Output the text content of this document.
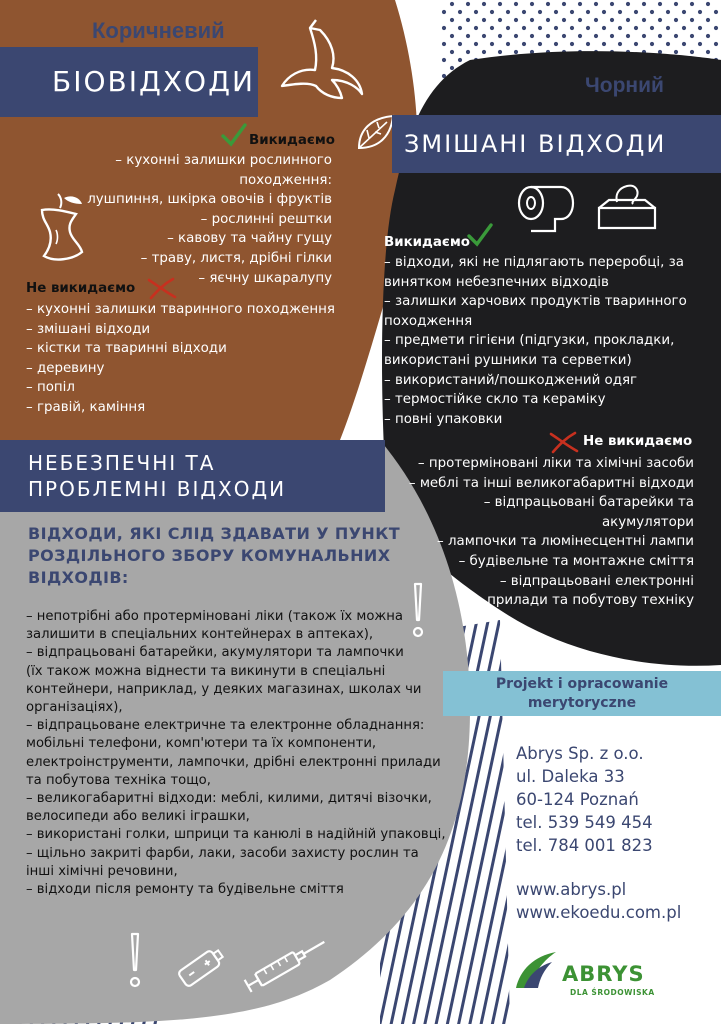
Коричневий
БІОВІДХОДИ
Викидаємо
– кухонні залишки рослинного походження:
лушпиння, шкірка овочів і фруктів
– рослинні рештки
– кавову та чайну гущу
– траву, листя, дрібні гілки
– яєчну шкаралупу
Не викидаємо
– кухонні залишки тваринного походження
– змішані відходи
– кістки та тваринні відходи
– деревину
– попіл
– гравій, каміння
Чорний
ЗМІШАНІ ВІДХОДИ
Викидаємо
– відходи, які не підлягають переробці, за
винятком небезпечних відходів
– залишки харчових продуктів тваринного
походження
– предмети гігієни (підгузки, прокладки,
використані рушники та серветки)
– використаний/пошкоджений одяг
– термостійке скло та кераміку
– повні упаковки
Не викидаємо
– протерміновані ліки та хімічні засоби
– меблі та інші великогабаритні відходи
– відпрацьовані батарейки та акумулятори
– лампочки та люмінесцентні лампи
– будівельне та монтажне сміття
– відпрацьовані електронні
прилади та побутову техніку
НЕБЕЗПЕЧНІ ТА
ПРОБЛЕМНІ ВІДХОДИ
ВІДХОДИ, ЯКІ СЛІД ЗДАВАТИ У ПУНКТ
РОЗДІЛЬНОГО ЗБОРУ КОМУНАЛЬНИХ
ВІДХОДІВ:
– непотрібні або протерміновані ліки (також їх можна
залишити в спеціальних контейнерах в аптеках),
– відпрацьовані батарейки, акумулятори та лампочки
(їх також можна віднести та викинути в спеціальні
контейнери, наприклад, у деяких магазинах, школах чи
організаціях),
– відпрацьоване електричне та електронне обладнання:
мобільні телефони, комп'ютери та їх компоненти,
електроінструменти, лампочки, дрібні електронні прилади
та побутова техніка тощо,
– великогабаритні відходи: меблі, килими, дитячі візочки,
велосипеди або великі іграшки,
– використані голки, шприци та канюлі в надійній упаковці,
– щільно закриті фарби, лаки, засоби захисту рослин та
інші хімічні речовини,
– відходи після ремонту та будівельне сміття
Projekt i opracowanie
merytoryczne
Abrys Sp. z o.o.
ul. Daleka 33
60-124 Poznań
tel. 539 549 454
tel. 784 001 823
www.abrys.pl
www.ekoedu.com.pl
ABRYS
DLA ŚRODOWISKA
